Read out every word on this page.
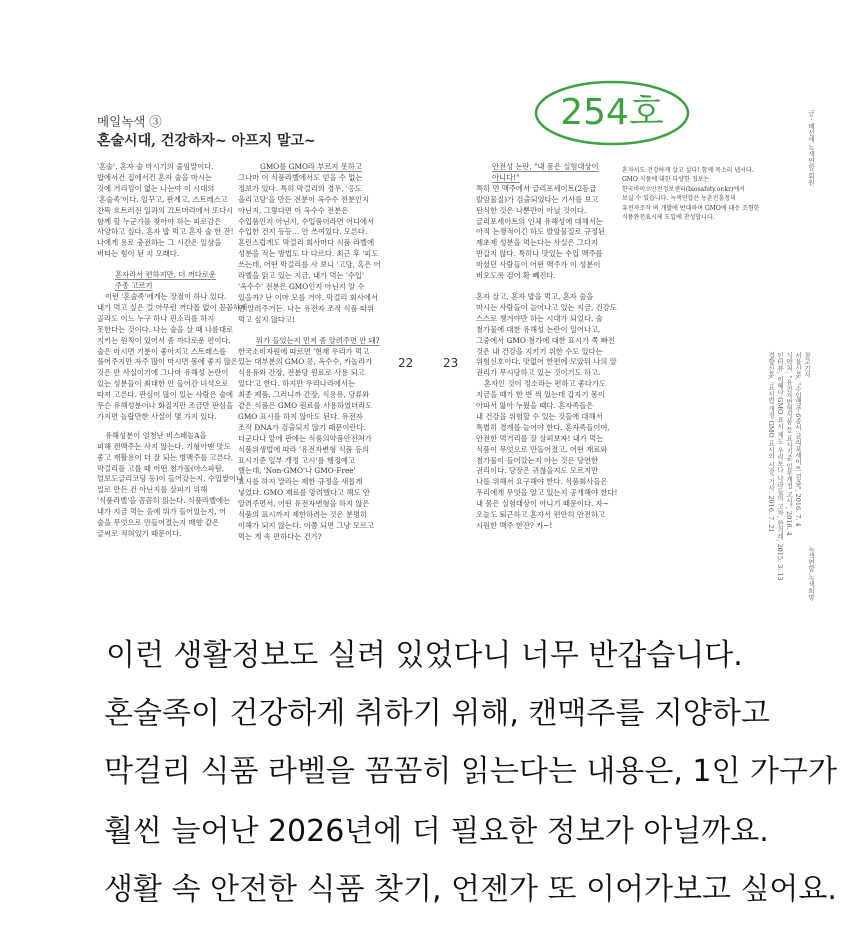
254호
메일녹색 ③
혼술시대, 건강하자~ 아프지 말고~

'혼술', 혼자 술 마시기의 줄임말이다.

밥에서건 집에서건 혼자 술을 마시는

것에 거리낌이 없는 나는야 이 시대의

'혼술족'이다. 일꾸고, 판계고, 스트레스고

잔뜩 흐트러진 일과의 끄트머리에서 또다시

함께 할 누군가를 찾아야 하는 피로감은

사양하고 싶다. 혼자 밥 먹고 혼자 술 한 잔!

나에게 용로 충전하는 그 시간은 일상을

버티는 힘이 된 지 오래다.

혼자라서 편하지만, 더 꺼다로운

주종 고르기

이런 '혼술족'에게는 장점이 하나 있다.

내가 먹고 싶은 걸 아무런 꺼다롭 없이 꼼꼼하게

골라도 어느 누구 하나 핀소리를 하지

못한다는 것이다. 나는 술을 살 때 나름대로

지키는 원칙이 있어서 좀 까다로운 편이다.

술은 마시면 기분이 좋아지고 스트레스를

풀어주지만 자주 많이 마시면 몸에 좋지 않은

것은 만 사실이기에 그나마 유해성 논란이

있는 성분들이 최대한 안 들어간 녀석으로

따져 고른다. 판심이 많이 있는 사람은 술에

무슨 유해성분이나 화질지만 조금만 판심을

가지면 놀랍만한 사실이 몇 가지 있다.

유해성분이 엄청난 비스페놀A을

피해 캔맥주는 사지 않는다. 기형아맨 맛도

좋고 재활용이 더 잘 되는 병맥주를 고른다.

막걸리를 고를 때 어떤 첨가물(아스파탐,

얼보도글리코딩 등)이 들어갔는지, 수입쌀이나

밀로 만든 건 아닌지를 살피기 위해

'식품라벨'을 꼼꼼히 읽는다. 식품라벨에는

내가 지금 먹는 음에 뭐가 들어있는지, 어

술을 무엇으로 만들어졌는지 매향 같은

글씨로 적혀있기 때문이다.

GMO를 GMO라 부르지 못하고

그나마 이 식품라벨에서도 얻을 수 없는

정보가 있다. 특히 막걸리의 경우, '옹도

올리고당'을 만든 전분이 옥수수 전분인지

아닌지, 그렇다면 이 옥수수 전분은

수입품인지 아닌지, 수입품이라면 어디에서

수입한 건지 등등… 안 쓰여있다. 모른다.

혼린스럽게도 막걸리 회사마다 식품 라벨에

성분을 적는 방법도 다 다르다. 최근 후 '피도

쓰는데, 어떤 막걸리를 사 보니 '고당, 혹은 어

라벨을 읽고 있는 지금, 내가 먹는 '수입'

'옥수수' 전분은 GMO인지 아닌지 알 수

있을까? 난 이마 모를 거야. 막걸리 회사에서

안 알려주거든. 나는 유전자 조작 식품 따위

먹고 싶지 않다고!

뭐가 들었는지 먼저 좀 알려주면 안 돼?

한국소비자원에 따르면 '현재 우리가 먹고

있는 대부분의 GMO 콩, 옥수수, 카놀라가

식용유와 간장, 전분당 원료로 사용 되고

있다'고 한다. 하지만 우리나라에서는

최종 제품, 그러니까 간장, 식용유, 당류와

같은 식품은 GMO 원료를 사용하였더라도

GMO 표시를 하지 않아도 된다. 유전자

조작 DNA가 검출되지 않기 때문이란다.

더군다나 앞에 판에는 식품의약품안전처가

식품위생법에 따라 '유전자변형 식품 등의

표시기준 일부 개정 고시'를 행정예고

했는데, 'Non-GMO'나 GMO-Free'

표시를 하지 말라는 제한 규정을 새롭게

넣었다. GMO 재료를 망려했다고 해도 안

알려주면서, 어떤 유전자변형을 하지 않은

식품의 표시까지 제한하려는 것은 분명히

이해가 되지 않는다. 이쯤 되면 그냥 모르고

먹는 게 속 편하다는 건가?

22 23

안전성 논란, "내 몸은 실험대상이

아니다!"

특히 먼 맥주에서 글리포세이트(2등급

발암물질)가 검출되었다는 기사를 보고

탄식한 것은 나뿐만이 아닐 것이다.

글리포세이트의 인체 유해성에 대해서는

아직 논쟁적이긴 하도 발암물질로 규정된

제초제 성분을 먹는다는 사실은 그다지

반갑지 않다. 특히나 맛있는 수입 맥주를

마셨던 사람들이 어떤 맥주가 이 성분이

버오도록 검어 확 빼진다.

혼자 살고, 혼자 밥을 먹고, 혼자 술을

마시는 사람들이 늘어나고 있는 지금, 건강도

스스로 챙겨야만 하는 시대가 되었다. 술

첨가물에 대한 유해성 논란이 일어나고,

그중에서 GMO 첨가에 대한 표시가 쪽 빠진

것은 내 건강을 지키기 위한 수도 있다는

위험신호이다. 맛없어 한편에 모았뒤 나의 알

권리가 무시당하고 있는 것이기도 하고.

혼자인 것이 정소라는 편하고 좋다가도

지금을 때가 한 번 씩 있는데 갑자기 몸이

아파서 앓아 누웠을 때다. 혼자족들은

내 건강을 위험할 수 있는 것들에 대해서

특별히 경계를 늘어야 한다. 혼자족들이여,

안전한 먹거리를 잘 살펴보자! 내가 먹는

식품이 무엇으로 만들어졌고, 어떤 재료와

첨가물이 들어갔는지 아는 것은 당연한

권리이다. 당장은 귀찮을지도 모르지만

나를 위해서 요구해야 한다. 식품회사들은

우리에게 무엇을 알고 있는지 공개해야 한다!

내 몸은 실험대상이 아니기 때문이다. 자~

오늘도 퇴근하고 혼자서 편안히 안전하고

시원한 맥주 한잔? 카~!

혼자서도 건강하게 살고 싶다! 함께 목소리 냅시다.

GMO 식품에 대한 다양한 정보는

한국바이오안전정보센터(biosafety.or.kr)에서

보실 수 있습니다. 녹색연합은 농촌진흥청의

유전자조작 벼 개발에 반대하며 GMO에 대응 조형한

식품완전표시제 도입에 찬성합니다.

글 · 배선애 녹색연합 회원
참고기사
서울신문, "수입맥주 6종서 글리포세이트 검출", 2016. 7. 4
식약처, "유전자변형식품 등 표시기준 일부개정 고시", 2016. 4
인터뷰, 이혜나 GMO 표시 제도 우리보다 나라들의 고차, 한겨레, 2015. 3. 13
경향신문, '표시법 개정 GMO 표시의 시장' 기사. 2016. 7. 21
녹색연합 녹색희망
이런 생활정보도 실려 있었다니 너무 반갑습니다.
혼술족이 건강하게 취하기 위해, 캔맥주를 지양하고
막걸리 식품 라벨을 꼼꼼히 읽는다는 내용은, 1인 가구가
훨씬 늘어난 2026년에 더 필요한 정보가 아닐까요.
생활 속 안전한 식품 찾기, 언젠가 또 이어가보고 싶어요.
